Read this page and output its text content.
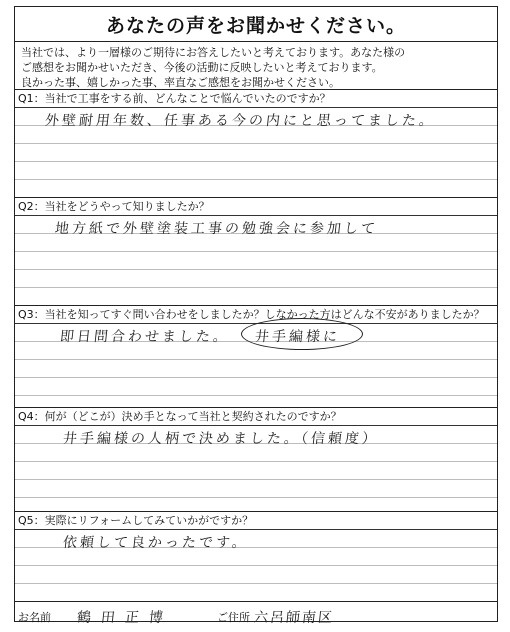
あなたの声をお聞かせください。
当社では、より一層様のご期待にお答えしたいと考えております。あなた様の
ご感想をお聞かせいただき、今後の活動に反映したいと考えております。
良かった事、嬉しかった事、率直なご感想をお聞かせください。
Q1：当社で工事をする前、どんなことで悩んでいたのですか？
外壁耐用年数、任事ある今の内にと思ってました。
Q2：当社をどうやって知りましたか？
地方紙で外壁塗装工事の勉強会に参加して
Q3：当社を知ってすぐ問い合わせをしましたか？しなかった方はどんな不安がありましたか？
即日問合わせました。 井手編様に
Q4：何が（どこが）決め手となって当社と契約されたのですか？
井手編様の人柄で決めました。（信頼度）
Q5：実際にリフォームしてみていかがですか？
依頼して良かったです。
お名前 鶴田正博	ご住所 六呂師南区
